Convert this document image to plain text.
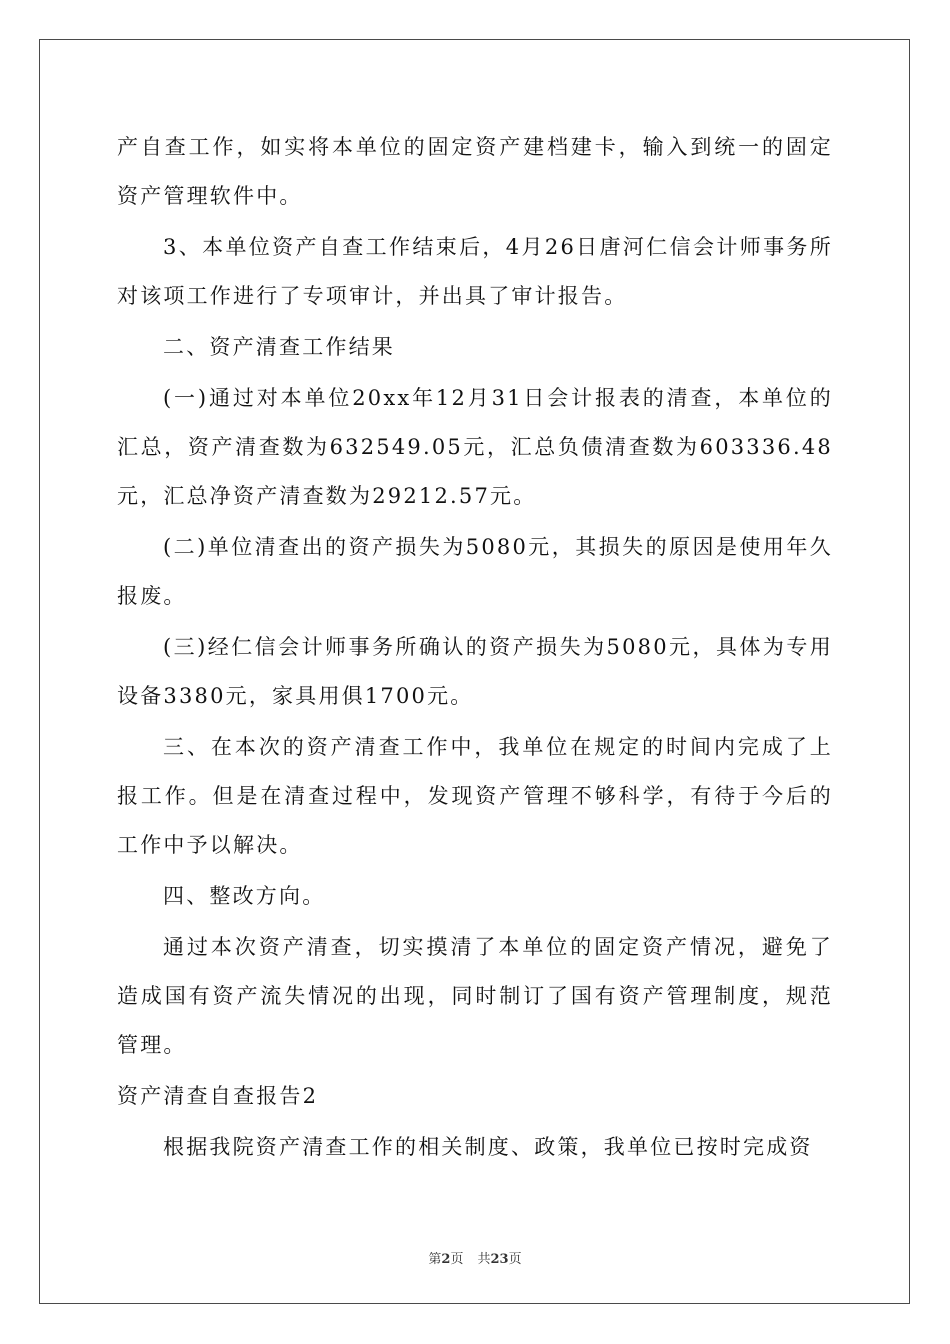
产自查工作，如实将本单位的固定资产建档建卡，输入到统一的固定资产管理软件中。

3、本单位资产自查工作结束后，4月26日唐河仁信会计师事务所对该项工作进行了专项审计，并出具了审计报告。

二、资产清查工作结果

(一)通过对本单位20xx年12月31日会计报表的清查，本单位的汇总，资产清查数为632549.05元，汇总负债清查数为603336.48元，汇总净资产清查数为29212.57元。

(二)单位清查出的资产损失为5080元，其损失的原因是使用年久报废。

(三)经仁信会计师事务所确认的资产损失为5080元，具体为专用设备3380元，家具用俱1700元。

三、在本次的资产清查工作中，我单位在规定的时间内完成了上报工作。但是在清查过程中，发现资产管理不够科学，有待于今后的工作中予以解决。

四、整改方向。

通过本次资产清查，切实摸清了本单位的固定资产情况，避免了造成国有资产流失情况的出现，同时制订了国有资产管理制度，规范管理。

资产清查自查报告2

根据我院资产清查工作的相关制度、政策，我单位已按时完成资

第2页 共23页
